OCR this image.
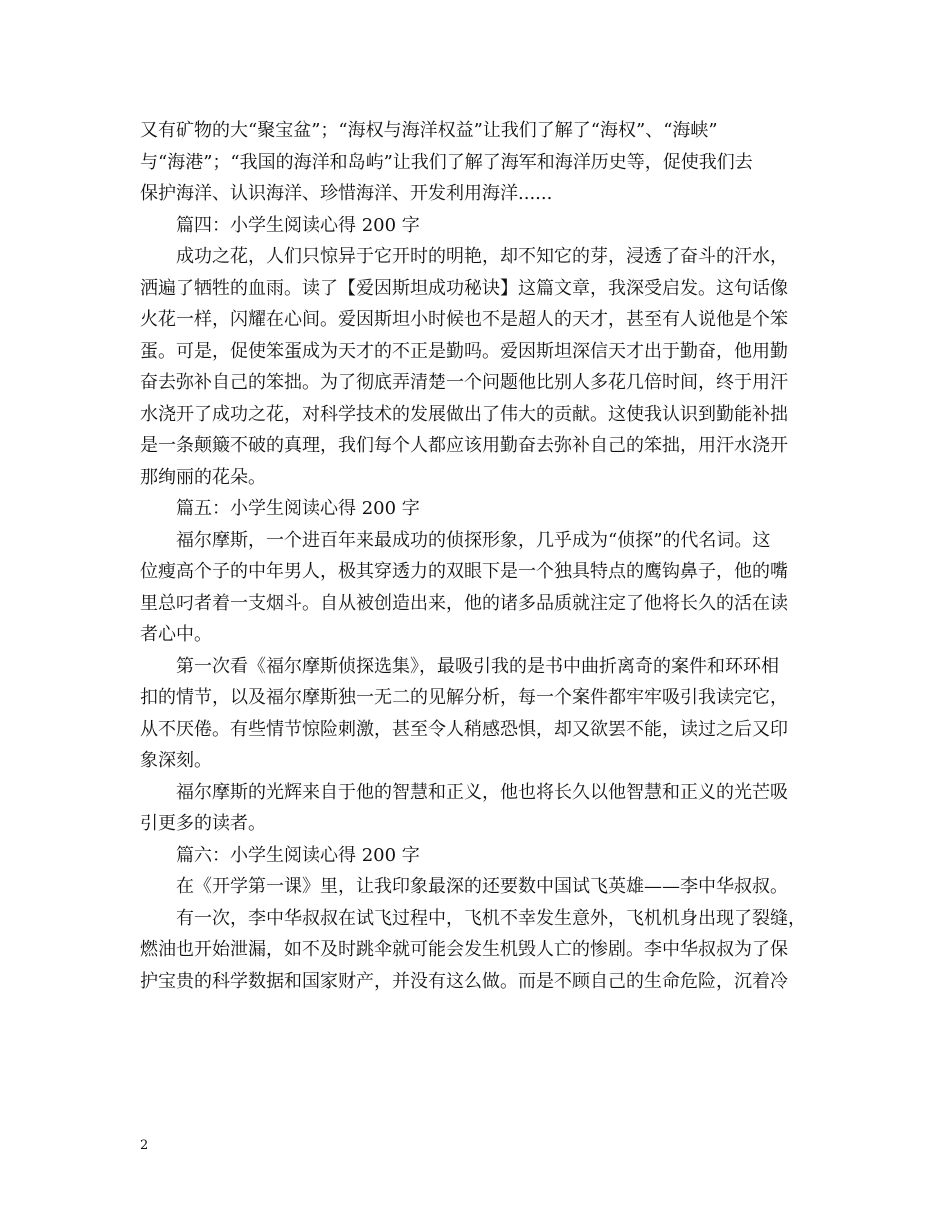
又有矿物的大“聚宝盆”；“海权与海洋权益”让我们了解了“海权”、“海峡”
与“海港”；“我国的海洋和岛屿”让我们了解了海军和海洋历史等，促使我们去
保护海洋、认识海洋、珍惜海洋、开发利用海洋......
篇四：小学生阅读心得 200 字
成功之花，人们只惊异于它开时的明艳，却不知它的芽，浸透了奋斗的汗水，
洒遍了牺牲的血雨。读了【爱因斯坦成功秘诀】这篇文章，我深受启发。这句话像
火花一样，闪耀在心间。爱因斯坦小时候也不是超人的天才，甚至有人说他是个笨
蛋。可是，促使笨蛋成为天才的不正是勤吗。爱因斯坦深信天才出于勤奋，他用勤
奋去弥补自己的笨拙。为了彻底弄清楚一个问题他比别人多花几倍时间，终于用汗
水浇开了成功之花，对科学技术的发展做出了伟大的贡献。这使我认识到勤能补拙
是一条颠簸不破的真理，我们每个人都应该用勤奋去弥补自己的笨拙，用汗水浇开
那绚丽的花朵。
篇五：小学生阅读心得 200 字
福尔摩斯，一个进百年来最成功的侦探形象，几乎成为“侦探”的代名词。这
位瘦高个子的中年男人，极其穿透力的双眼下是一个独具特点的鹰钩鼻子，他的嘴
里总叼者着一支烟斗。自从被创造出来，他的诸多品质就注定了他将长久的活在读
者心中。
第一次看《福尔摩斯侦探选集》，最吸引我的是书中曲折离奇的案件和环环相
扣的情节，以及福尔摩斯独一无二的见解分析，每一个案件都牢牢吸引我读完它，
从不厌倦。有些情节惊险刺激，甚至令人稍感恐惧，却又欲罢不能，读过之后又印
象深刻。
福尔摩斯的光辉来自于他的智慧和正义，他也将长久以他智慧和正义的光芒吸
引更多的读者。
篇六：小学生阅读心得 200 字
在《开学第一课》里，让我印象最深的还要数中国试飞英雄——李中华叔叔。
有一次，李中华叔叔在试飞过程中，飞机不幸发生意外，飞机机身出现了裂缝，
燃油也开始泄漏，如不及时跳伞就可能会发生机毁人亡的惨剧。李中华叔叔为了保
护宝贵的科学数据和国家财产，并没有这么做。而是不顾自己的生命危险，沉着冷
2
